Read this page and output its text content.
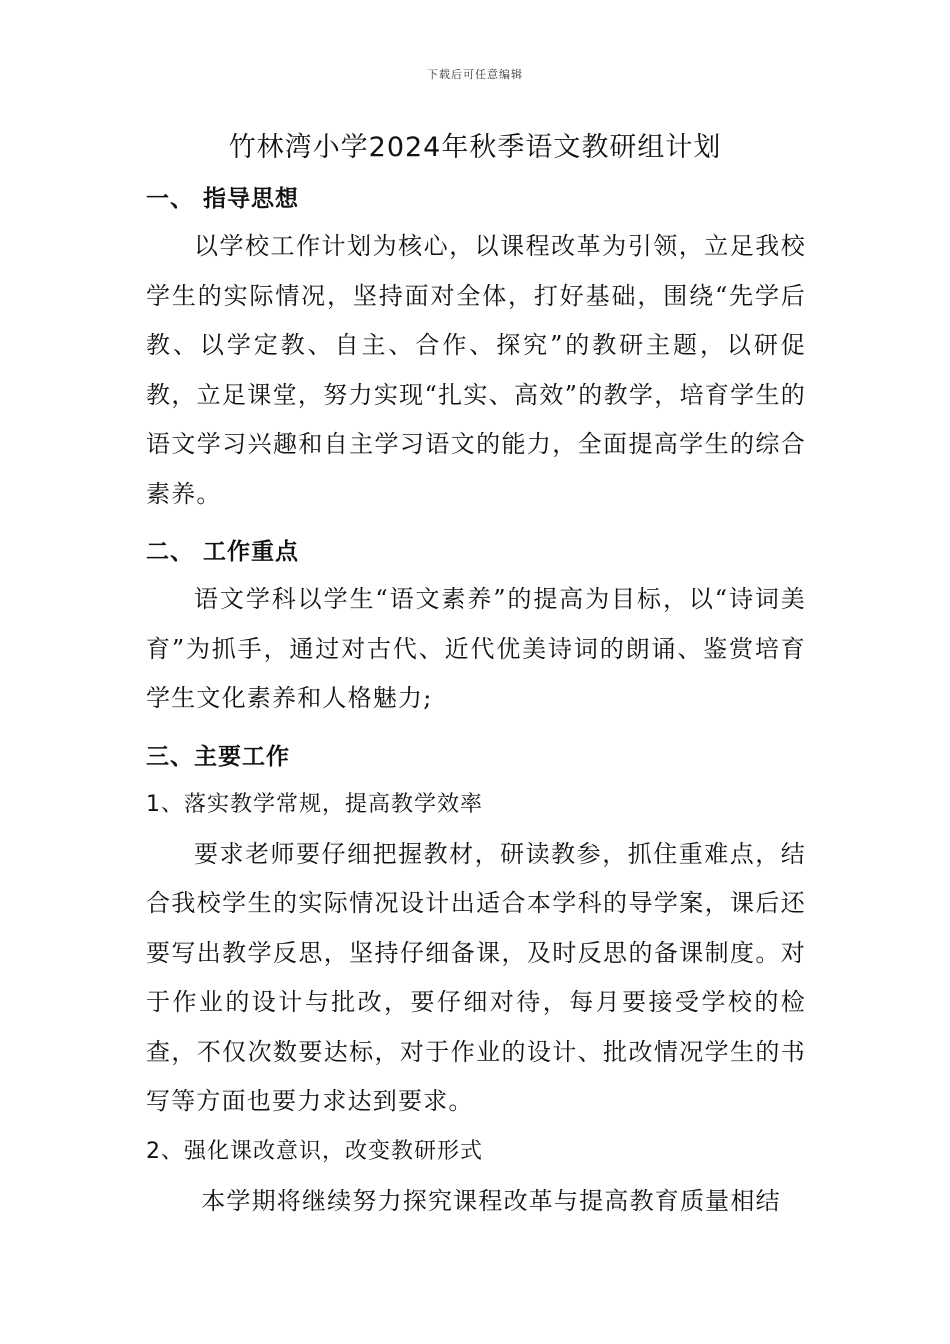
下载后可任意编辑
竹林湾小学2024年秋季语文教研组计划
一、 指导思想

以学校工作计划为核心，以课程改革为引领，立足我校学生的实际情况，坚持面对全体，打好基础，围绕“先学后教、以学定教、自主、合作、探究”的教研主题，以研促教，立足课堂，努力实现“扎实、高效”的教学，培育学生的语文学习兴趣和自主学习语文的能力，全面提高学生的综合素养。

二、 工作重点

语文学科以学生“语文素养”的提高为目标，以“诗词美育”为抓手，通过对古代、近代优美诗词的朗诵、鉴赏培育学生文化素养和人格魅力;

三、主要工作
1、落实教学常规，提高教学效率

要求老师要仔细把握教材，研读教参，抓住重难点，结合我校学生的实际情况设计出适合本学科的导学案，课后还要写出教学反思，坚持仔细备课，及时反思的备课制度。对于作业的设计与批改，要仔细对待，每月要接受学校的检查，不仅次数要达标，对于作业的设计、批改情况学生的书写等方面也要力求达到要求。

2、强化课改意识，改变教研形式

本学期将继续努力探究课程改革与提高教育质量相结
